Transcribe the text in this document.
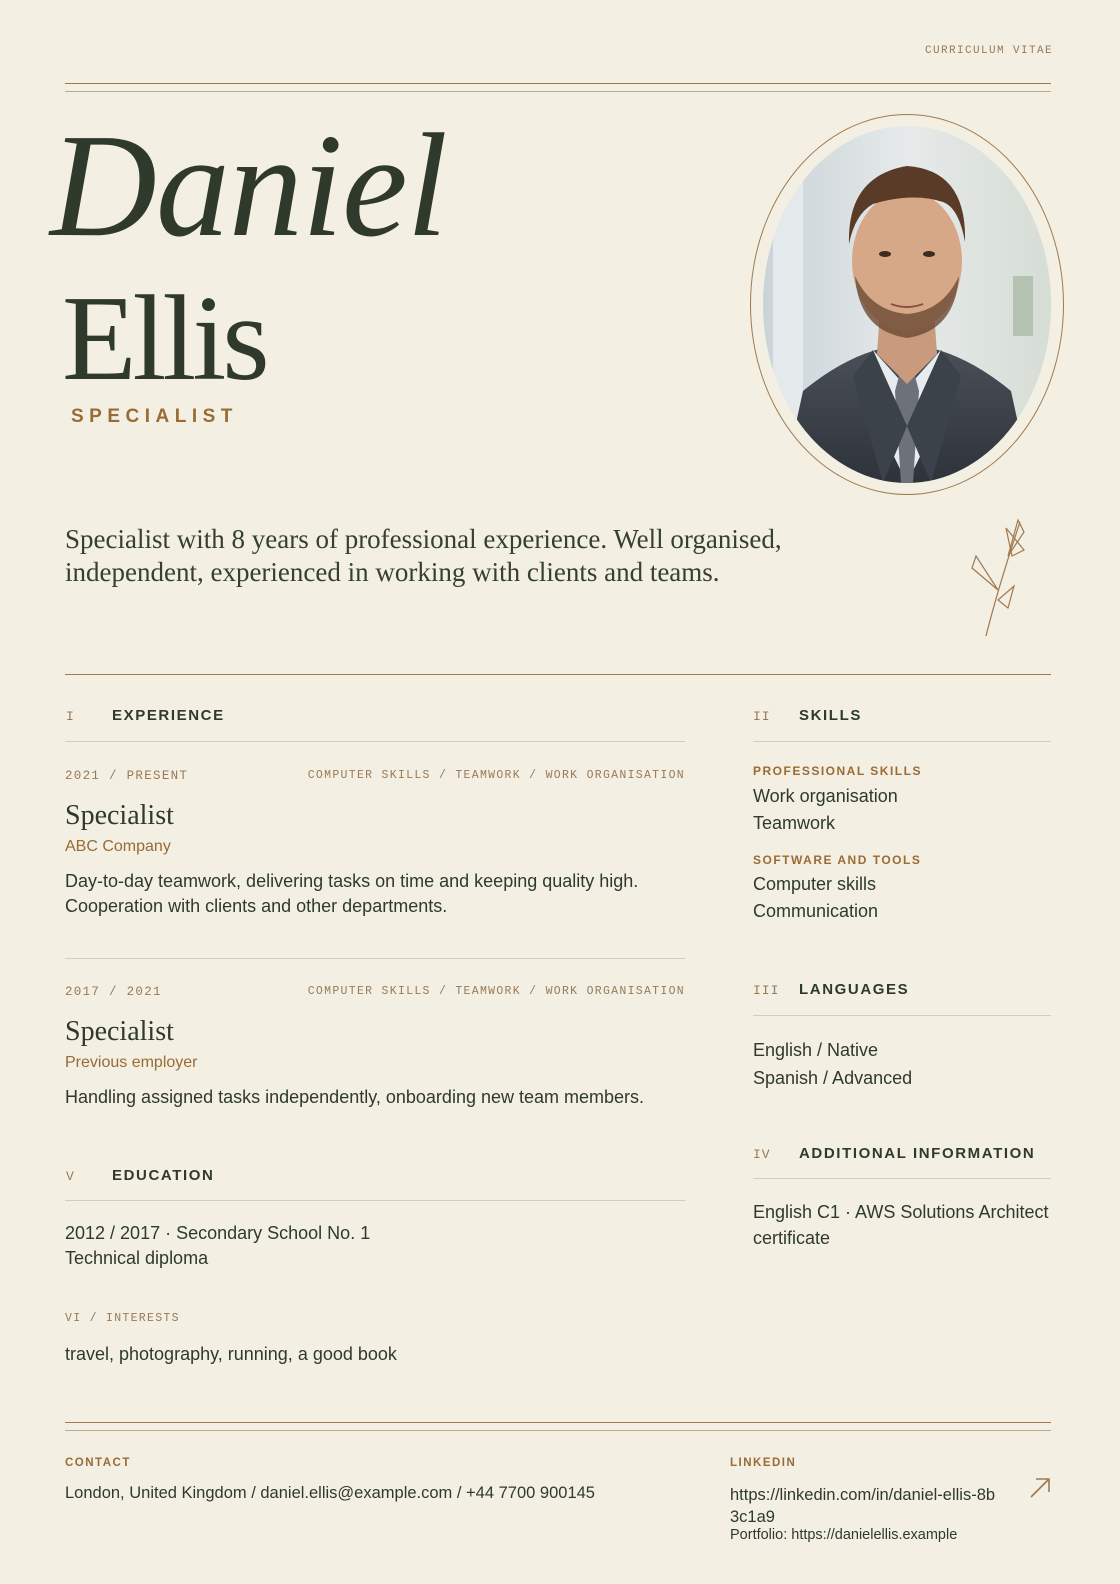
CURRICULUM VITAE
Daniel
Ellis
SPECIALIST
Specialist with 8 years of professional experience. Well organised, independent, experienced in working with clients and teams.
I EXPERIENCE
2021 / PRESENT	COMPUTER SKILLS / TEAMWORK / WORK ORGANISATION
Specialist
ABC Company
Day-to-day teamwork, delivering tasks on time and keeping quality high.
Cooperation with clients and other departments.
2017 / 2021	COMPUTER SKILLS / TEAMWORK / WORK ORGANISATION
Specialist
Previous employer
Handling assigned tasks independently, onboarding new team members.
V EDUCATION
2012 / 2017 · Secondary School No. 1
Technical diploma
VI / INTERESTS
travel, photography, running, a good book
II SKILLS
PROFESSIONAL SKILLS
Work organisation
Teamwork
SOFTWARE AND TOOLS
Computer skills
Communication
III LANGUAGES
English / Native
Spanish / Advanced
IV ADDITIONAL INFORMATION
English C1 · AWS Solutions Architect
certificate
CONTACT
London, United Kingdom / daniel.ellis@example.com / +44 7700 900145
LINKEDIN
https://linkedin.com/in/daniel-ellis-8b
3c1a9
Portfolio: https://danielellis.example
